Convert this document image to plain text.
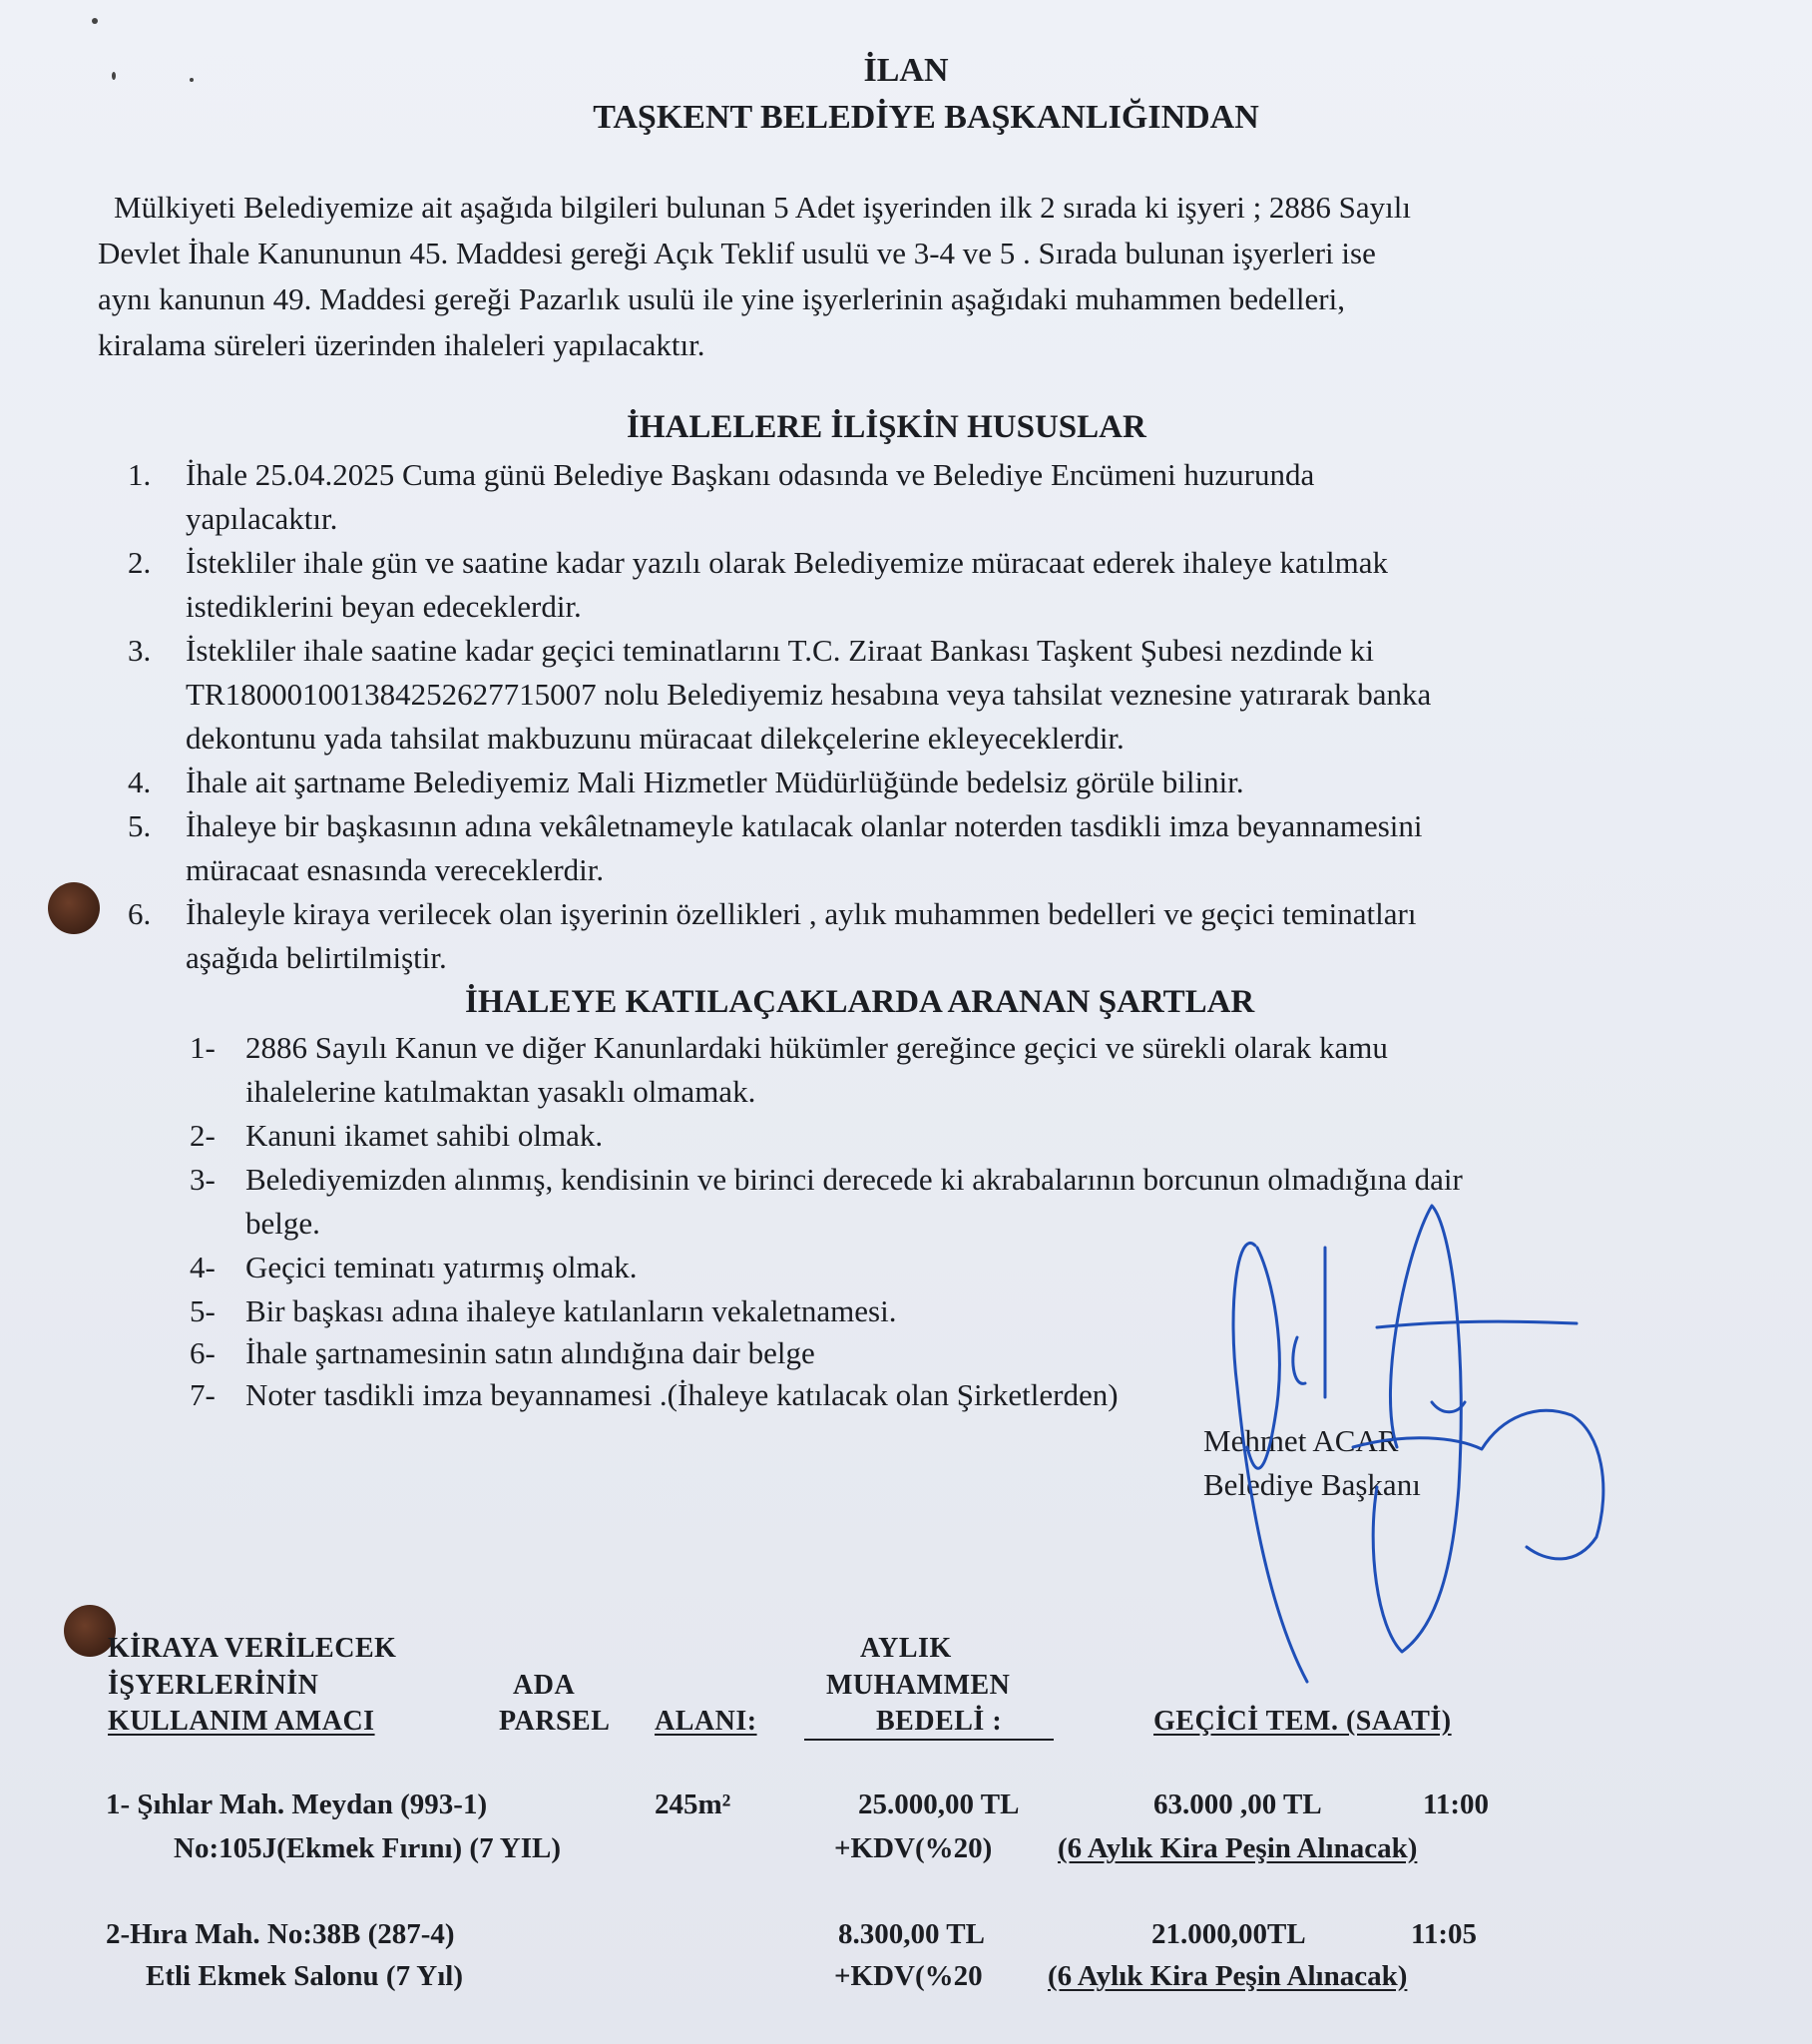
İLAN
TAŞKENT BELEDİYE BAŞKANLIĞINDAN
Mülkiyeti Belediyemize ait aşağıda bilgileri bulunan 5 Adet işyerinden ilk 2 sırada ki işyeri ; 2886 Sayılı
Devlet İhale Kanununun 45. Maddesi gereği Açık Teklif usulü ve 3-4 ve 5 . Sırada bulunan işyerleri ise
aynı kanunun 49. Maddesi gereği Pazarlık usulü ile yine işyerlerinin aşağıdaki muhammen bedelleri,
kiralama süreleri üzerinden ihaleleri yapılacaktır.
İHALELERE İLİŞKİN HUSUSLAR
1. İhale 25.04.2025 Cuma günü Belediye Başkanı odasında ve Belediye Encümeni huzurunda
yapılacaktır.
2. İstekliler ihale gün ve saatine kadar yazılı olarak Belediyemize müracaat ederek ihaleye katılmak
istediklerini beyan edeceklerdir.
3. İstekliler ihale saatine kadar geçici teminatlarını T.C. Ziraat Bankası Taşkent Şubesi nezdinde ki
TR180001001384252627715007 nolu Belediyemiz hesabına veya tahsilat veznesine yatırarak banka
dekontunu yada tahsilat makbuzunu müracaat dilekçelerine ekleyeceklerdir.
4. İhale ait şartname Belediyemiz Mali Hizmetler Müdürlüğünde bedelsiz görüle bilinir.
5. İhaleye bir başkasının adına vekâletnameyle katılacak olanlar noterden tasdikli imza beyannamesini
müracaat esnasında vereceklerdir.
6. İhaleyle kiraya verilecek olan işyerinin özellikleri , aylık muhammen bedelleri ve geçici teminatları
aşağıda belirtilmiştir.
İHALEYE KATILAÇAKLARDA ARANAN ŞARTLAR
1- 2886 Sayılı Kanun ve diğer Kanunlardaki hükümler gereğince geçici ve sürekli olarak kamu
ihalelerine katılmaktan yasaklı olmamak.
2- Kanuni ikamet sahibi olmak.
3- Belediyemizden alınmış, kendisinin ve birinci derecede ki akrabalarının borcunun olmadığına dair
belge.
4- Geçici teminatı yatırmış olmak.
5- Bir başkası adına ihaleye katılanların vekaletnamesi.
6- İhale şartnamesinin satın alındığına dair belge
7- Noter tasdikli imza beyannamesi .(İhaleye katılacak olan Şirketlerden)
Mehmet ACAR
Belediye Başkanı
KİRAYA VERİLECEK
İŞYERLERİNİN
KULLANIM AMACI
ADA
PARSEL ALANI:
AYLIK
MUHAMMEN
BEDELİ :	GEÇİCİ TEM. (SAATİ)
1- Şıhlar Mah. Meydan (993-1)	245m²	25.000,00 TL	63.000 ,00 TL	11:00
No:105J(Ekmek Fırını) (7 YIL)	+KDV(%20) (6 Aylık Kira Peşin Alınacak)
2-Hıra Mah. No:38B (287-4)	8.300,00 TL	21.000,00TL	11:05
Etli Ekmek Salonu (7 Yıl)	+KDV(%20 (6 Aylık Kira Peşin Alınacak)
